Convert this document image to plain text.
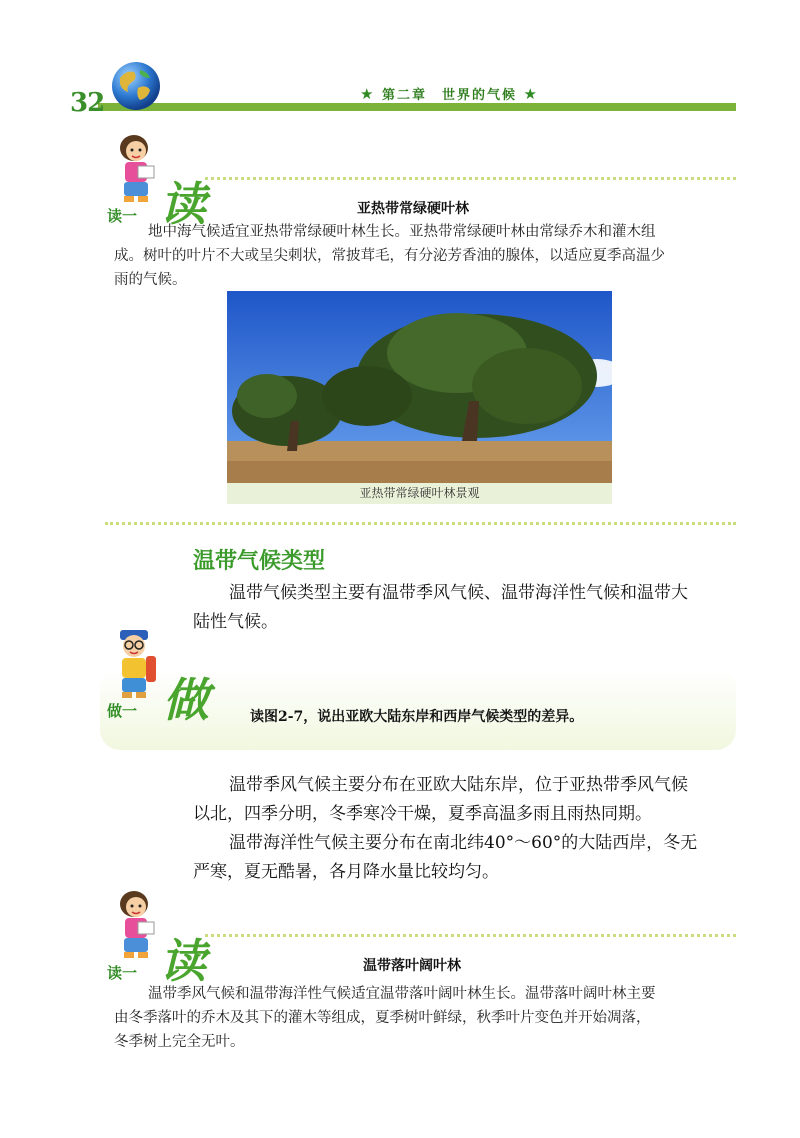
32	★ 第二章　世界的气候 ★
读一 读	亚热带常绿硬叶林
地中海气候适宜亚热带常绿硬叶林生长。亚热带常绿硬叶林由常绿乔木和灌木组
成。树叶的叶片不大或呈尖刺状，常披茸毛，有分泌芳香油的腺体，以适应夏季高温少
雨的气候。
亚热带常绿硬叶林景观
温带气候类型
温带气候类型主要有温带季风气候、温带海洋性气候和温带大
陆性气候。
做一 做	读图2-7，说出亚欧大陆东岸和西岸气候类型的差异。
温带季风气候主要分布在亚欧大陆东岸，位于亚热带季风气候
以北，四季分明，冬季寒冷干燥，夏季高温多雨且雨热同期。
温带海洋性气候主要分布在南北纬40°～60°的大陆西岸，冬无
严寒，夏无酷暑，各月降水量比较均匀。
读一 读	温带落叶阔叶林
温带季风气候和温带海洋性气候适宜温带落叶阔叶林生长。温带落叶阔叶林主要
由冬季落叶的乔木及其下的灌木等组成，夏季树叶鲜绿，秋季叶片变色并开始凋落，
冬季树上完全无叶。
